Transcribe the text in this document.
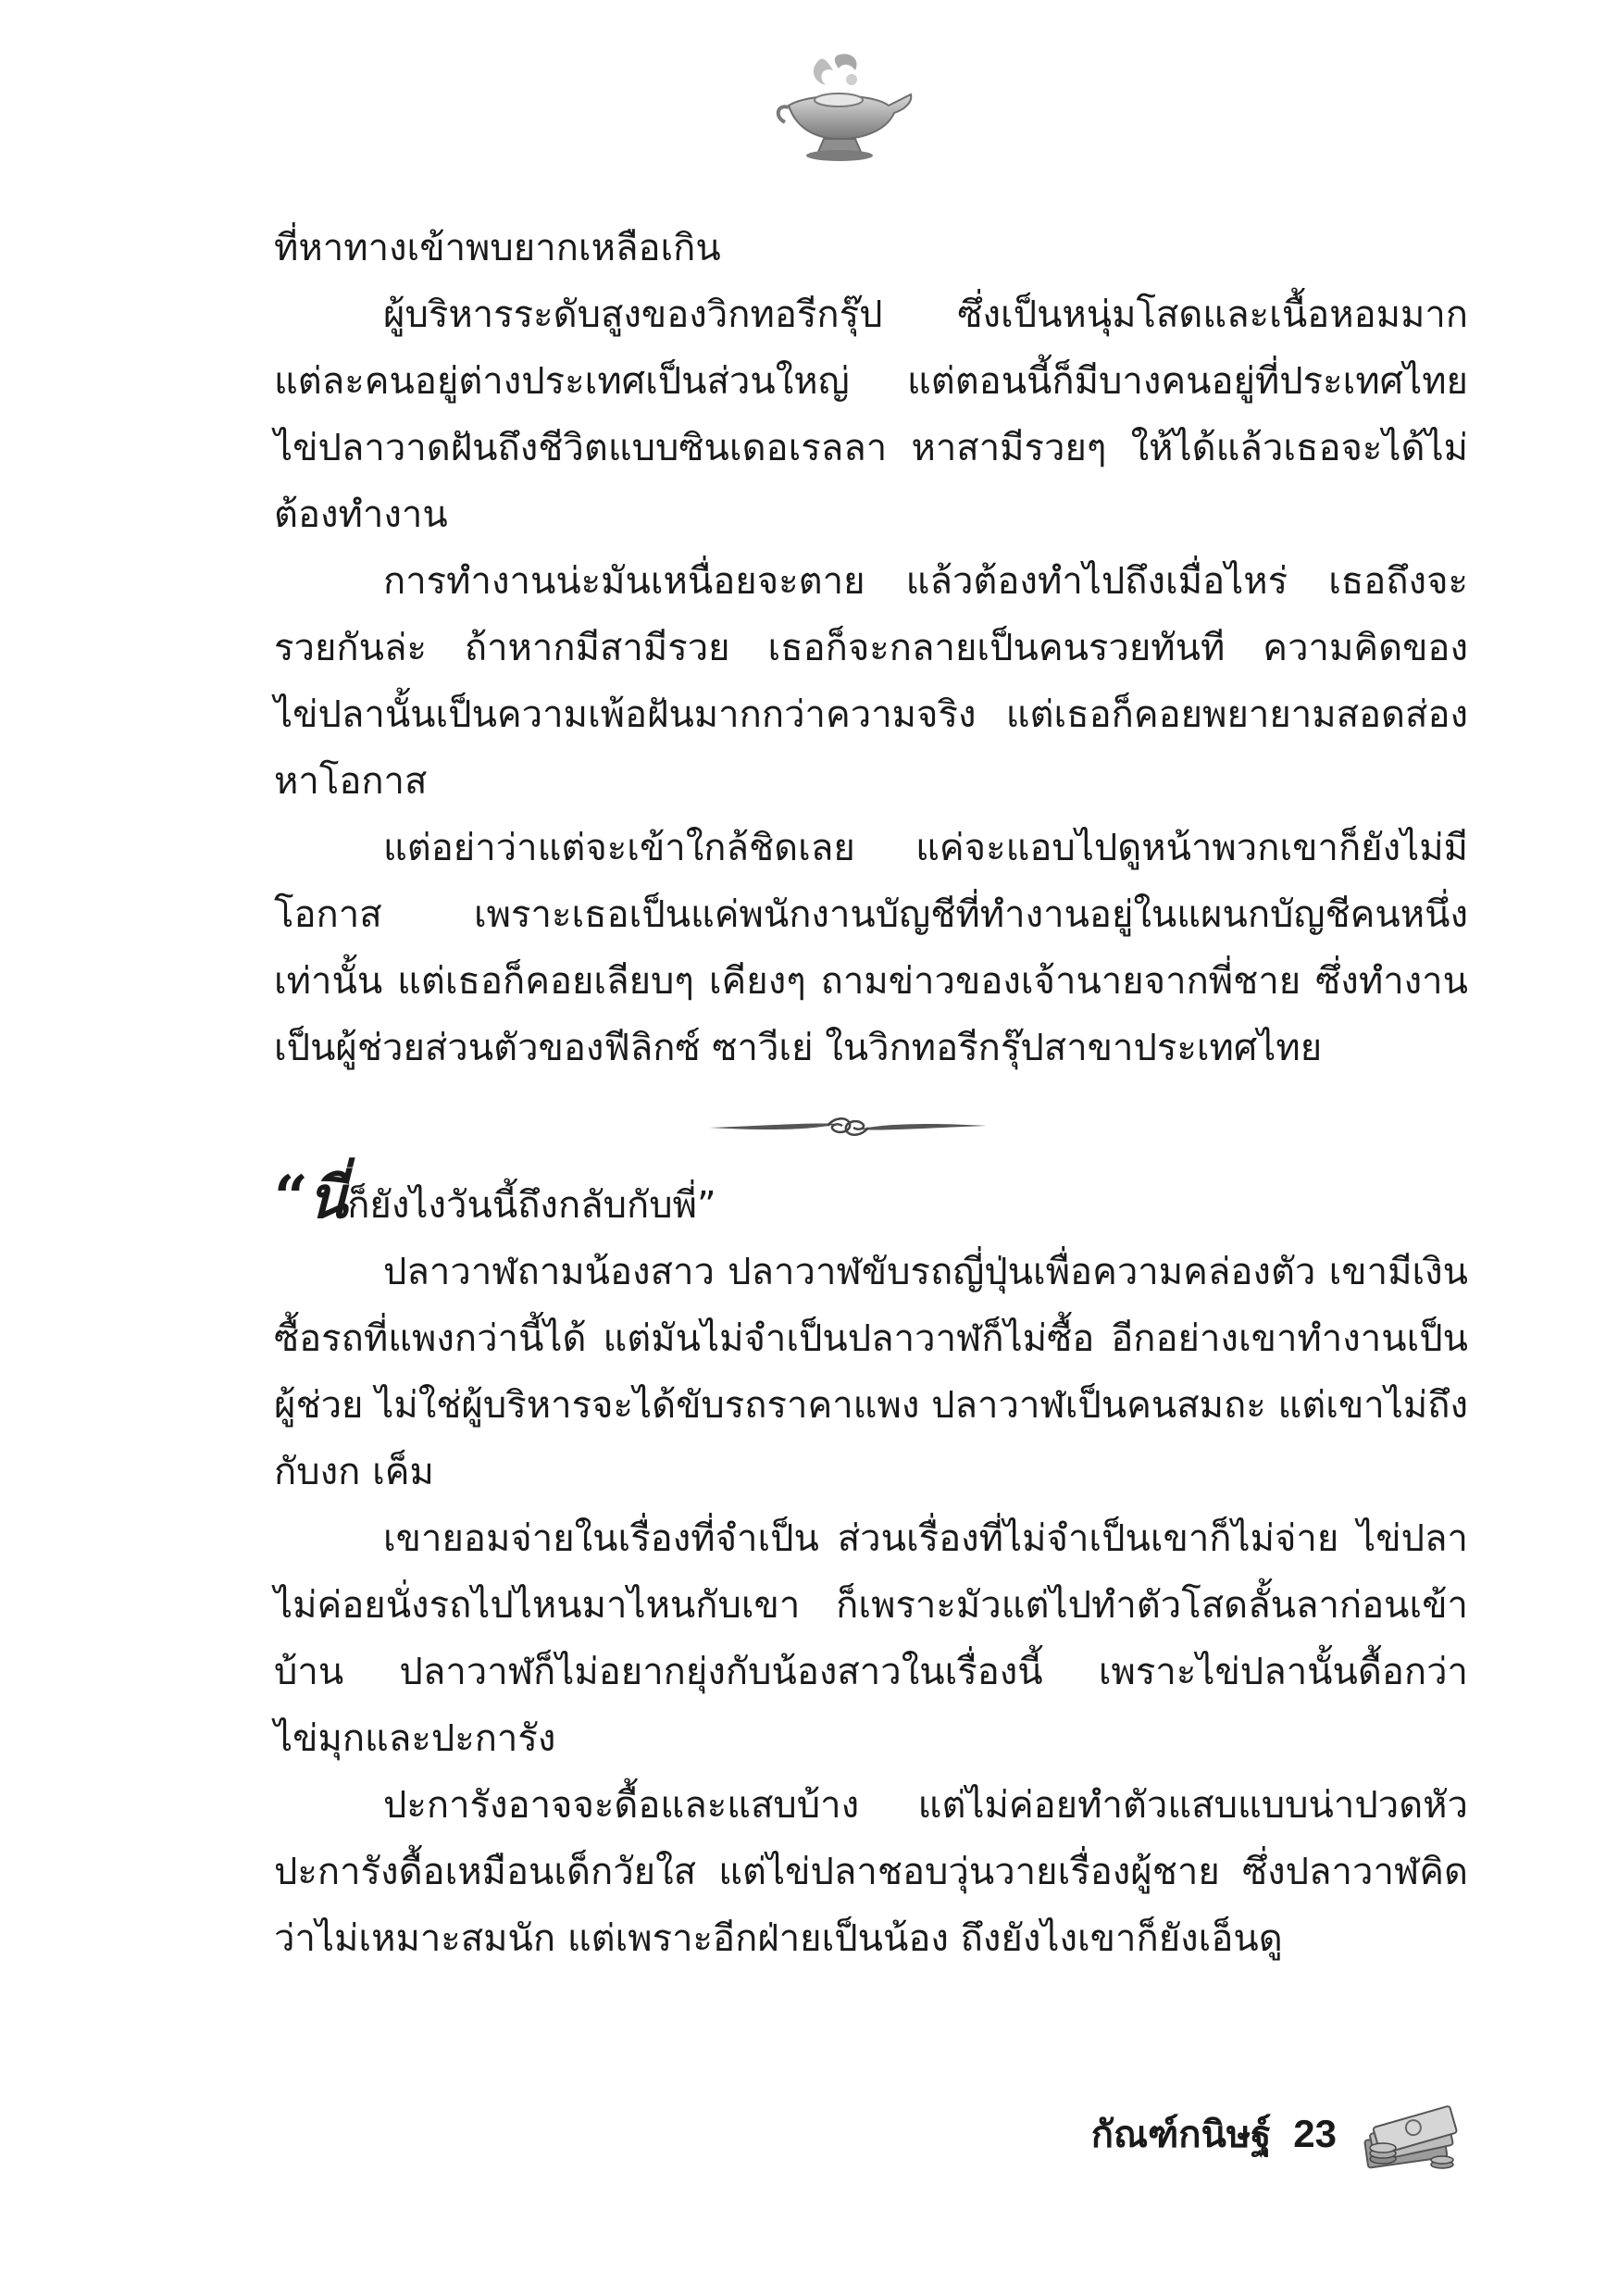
ที่หาทางเข้าพบยากเหลือเกิน

ผู้บริหารระดับสูงของวิกทอรีกรุ๊ป ซึ่งเป็นหนุ่มโสดและเนื้อหอมมาก แต่ละคนอยู่ต่างประเทศเป็นส่วนใหญ่ แต่ตอนนี้ก็มีบางคนอยู่ที่ประเทศไทย ไข่ปลาวาดฝันถึงชีวิตแบบซินเดอเรลลา หาสามีรวยๆ ให้ได้แล้วเธอจะได้ไม่ต้องทำงาน

การทำงานน่ะมันเหนื่อยจะตาย แล้วต้องทำไปถึงเมื่อไหร่ เธอถึงจะรวยกันล่ะ ถ้าหากมีสามีรวย เธอก็จะกลายเป็นคนรวยทันที ความคิดของไข่ปลานั้นเป็นความเพ้อฝันมากกว่าความจริง แต่เธอก็คอยพยายามสอดส่องหาโอกาส

แต่อย่าว่าแต่จะเข้าใกล้ชิดเลย แค่จะแอบไปดูหน้าพวกเขาก็ยังไม่มีโอกาส เพราะเธอเป็นแค่พนักงานบัญชีที่ทำงานอยู่ในแผนกบัญชีคนหนึ่งเท่านั้น แต่เธอก็คอยเลียบๆ เคียงๆ ถามข่าวของเจ้านายจากพี่ชาย ซึ่งทำงานเป็นผู้ช่วยส่วนตัวของฟีลิกซ์ ซาวีเย่ ในวิกทอรีกรุ๊ปสาขาประเทศไทย

“นี่ก็ยังไงวันนี้ถึงกลับกับพี่”

ปลาวาฬถามน้องสาว ปลาวาฬขับรถญี่ปุ่นเพื่อความคล่องตัว เขามีเงินซื้อรถที่แพงกว่านี้ได้ แต่มันไม่จำเป็นปลาวาฬก็ไม่ซื้อ อีกอย่างเขาทำงานเป็นผู้ช่วย ไม่ใช่ผู้บริหารจะได้ขับรถราคาแพง ปลาวาฬเป็นคนสมถะ แต่เขาไม่ถึงกับงก เค็ม

เขายอมจ่ายในเรื่องที่จำเป็น ส่วนเรื่องที่ไม่จำเป็นเขาก็ไม่จ่าย ไข่ปลาไม่ค่อยนั่งรถไปไหนมาไหนกับเขา ก็เพราะมัวแต่ไปทำตัวโสดลั้นลาก่อนเข้าบ้าน ปลาวาฬก็ไม่อยากยุ่งกับน้องสาวในเรื่องนี้ เพราะไข่ปลานั้นดื้อกว่าไข่มุกและปะการัง

ปะการังอาจจะดื้อและแสบบ้าง แต่ไม่ค่อยทำตัวแสบแบบน่าปวดหัว ปะการังดื้อเหมือนเด็กวัยใส แต่ไข่ปลาชอบวุ่นวายเรื่องผู้ชาย ซึ่งปลาวาฬคิดว่าไม่เหมาะสมนัก แต่เพราะอีกฝ่ายเป็นน้อง ถึงยังไงเขาก็ยังเอ็นดู

กัณฑ์กนิษฐ์ 23
